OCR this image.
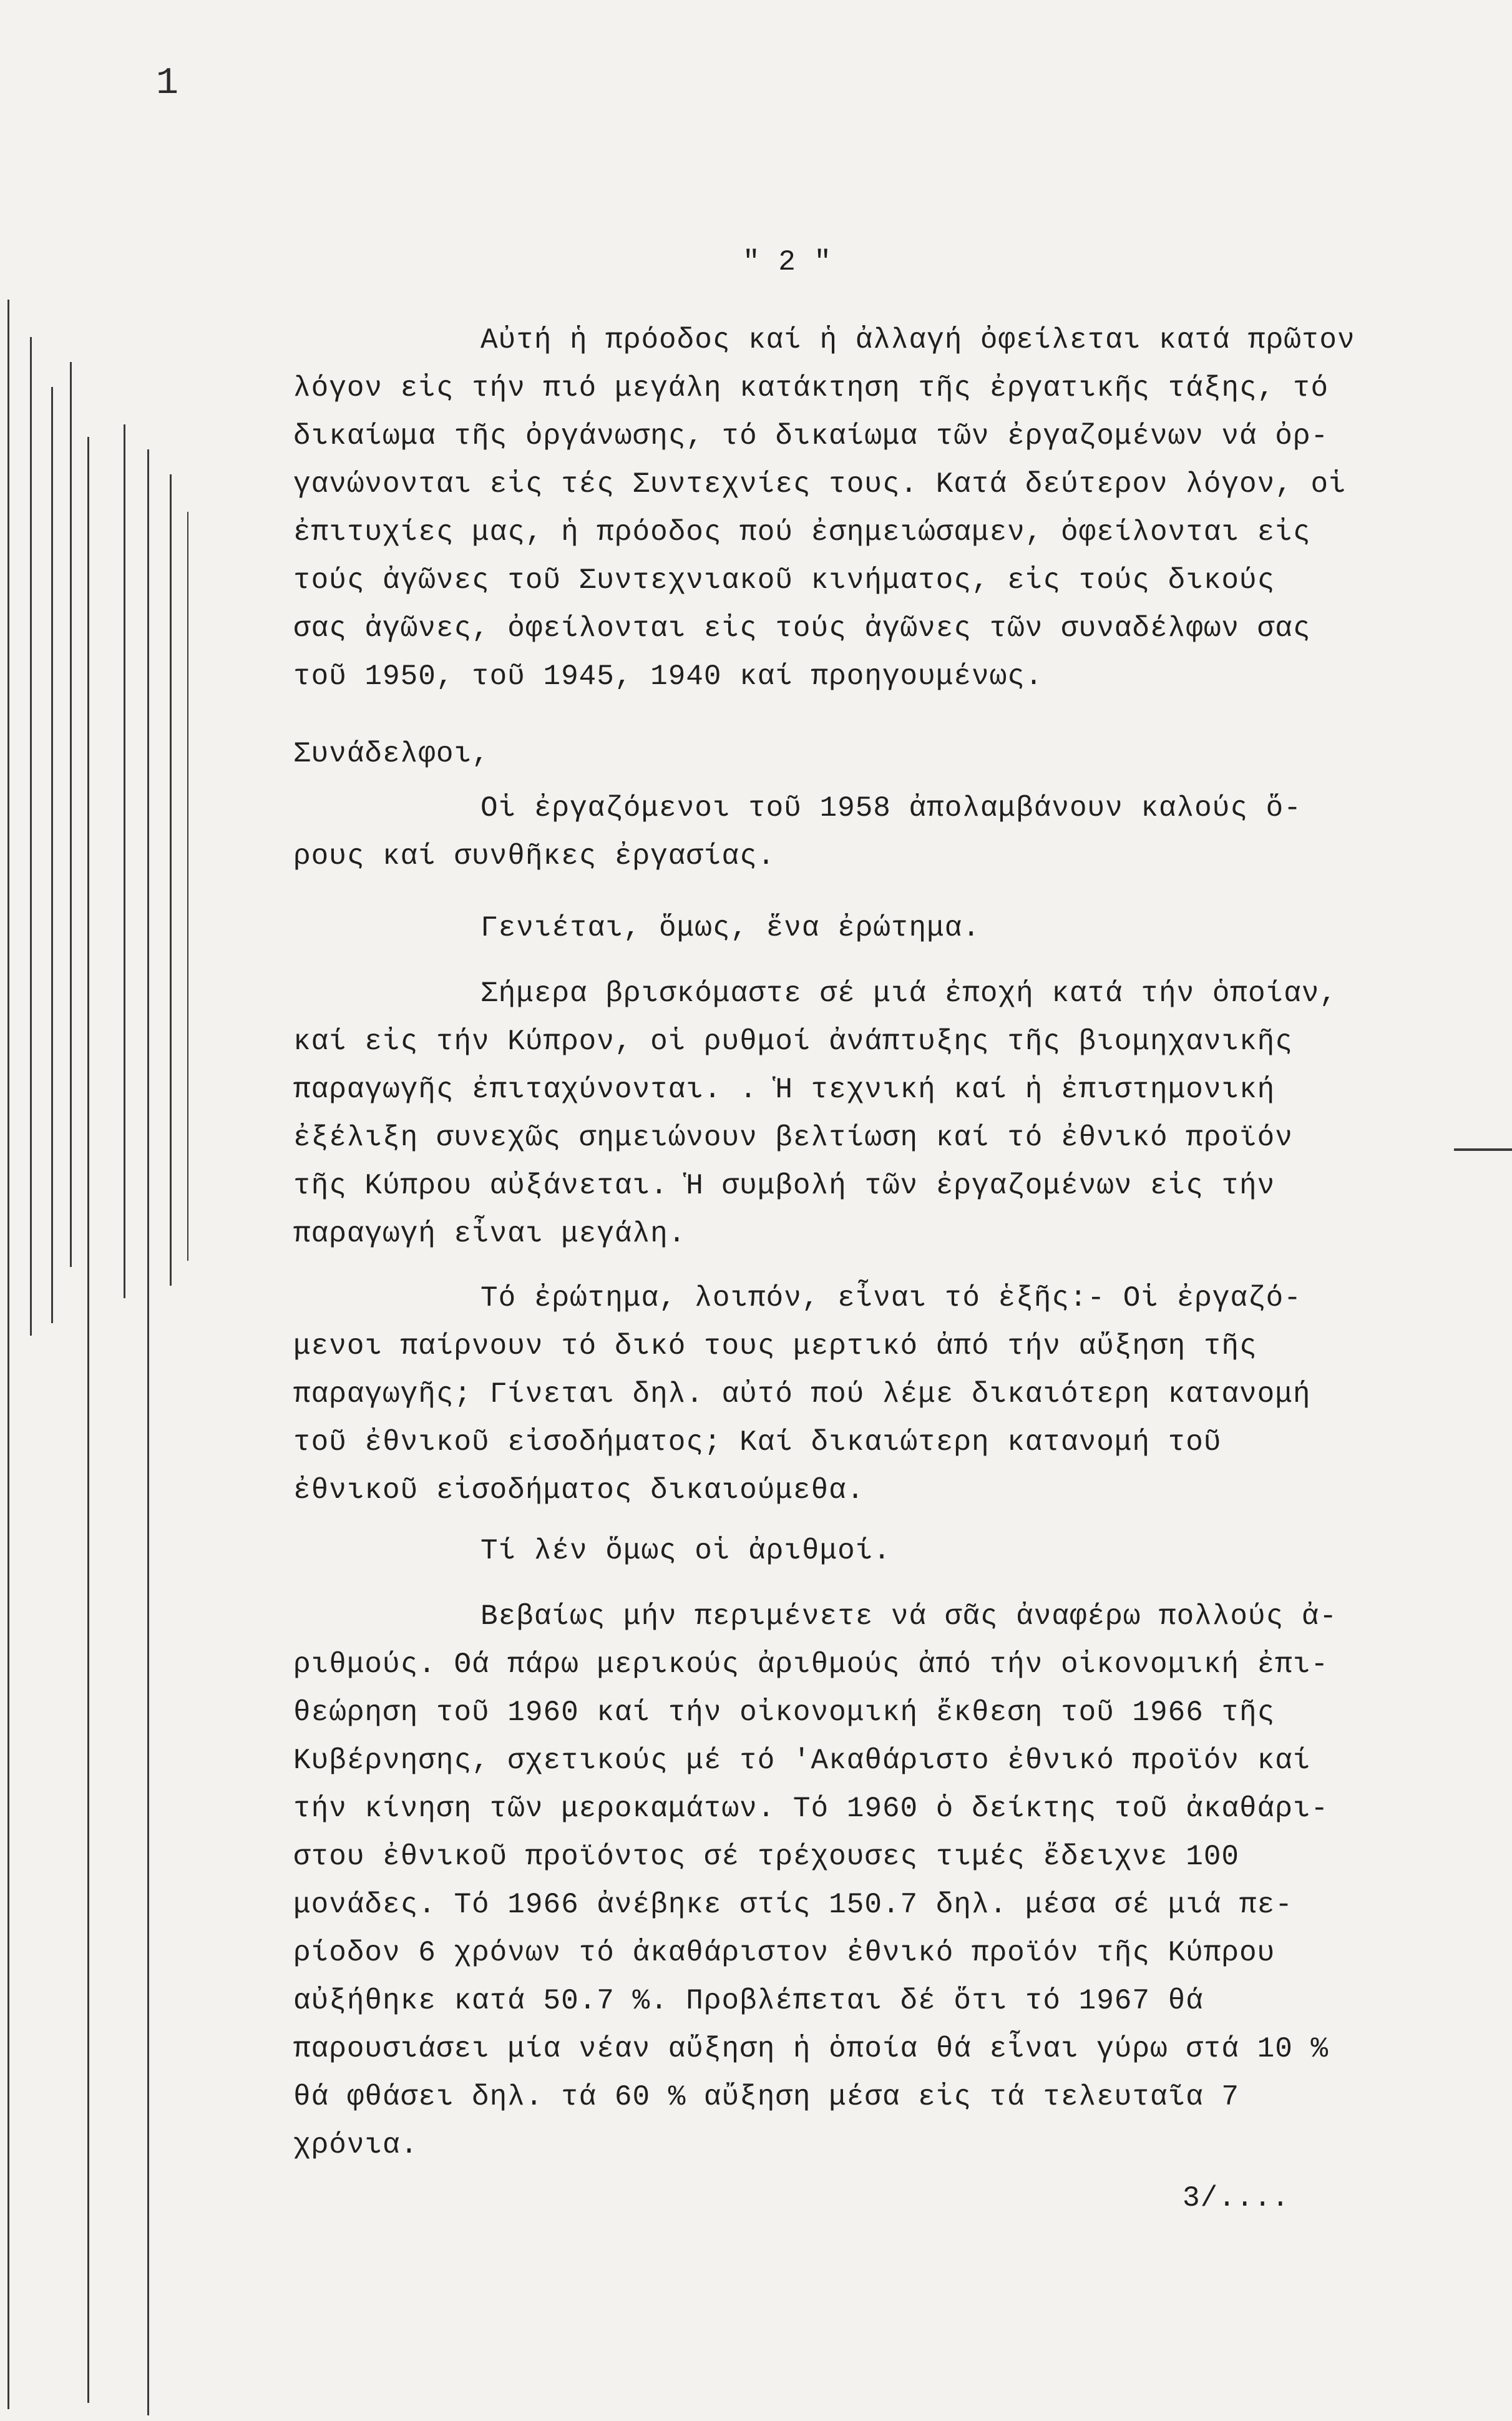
1
" 2 "
Αὐτή ἡ πρόοδος καί ἡ ἀλλαγή ὀφείλεται κατά πρῶτον
λόγον εἰς τήν πιό μεγάλη κατάκτηση τῆς ἐργατικῆς τάξης, τό
δικαίωμα τῆς ὀργάνωσης, τό δικαίωμα τῶν ἐργαζομένων νά ὀρ-
γανώνονται εἰς τές Συντεχνίες τους. Κατά δεύτερον λόγον, οἱ
ἐπιτυχίες μας, ἡ πρόοδος πού ἐσημειώσαμεν, ὀφείλονται εἰς
τούς ἀγῶνες τοῦ Συντεχνιακοῦ κινήματος, εἰς τούς δικούς
σας ἀγῶνες, ὀφείλονται εἰς τούς ἀγῶνες τῶν συναδέλφων σας
τοῦ 1950, τοῦ 1945, 1940 καί προηγουμένως.
Συνάδελφοι,
Οἱ ἐργαζόμενοι τοῦ 1958 ἀπολαμβάνουν καλούς ὅ-
ρους καί συνθῆκες ἐργασίας.
Γενιέται, ὅμως, ἕνα ἐρώτημα.
Σήμερα βρισκόμαστε σέ μιά ἐποχή κατά τήν ὁποίαν,
καί εἰς τήν Κύπρον, οἱ ρυθμοί ἀνάπτυξης τῆς βιομηχανικῆς
παραγωγῆς ἐπιταχύνονται. . Ἡ τεχνική καί ἡ ἐπιστημονική
ἐξέλιξη συνεχῶς σημειώνουν βελτίωση καί τό ἐθνικό προϊόν
τῆς Κύπρου αὐξάνεται. Ἡ συμβολή τῶν ἐργαζομένων εἰς τήν
παραγωγή εἶναι μεγάλη.
Τό ἐρώτημα, λοιπόν, εἶναι τό ἑξῆς:- Οἱ ἐργαζό-
μενοι παίρνουν τό δικό τους μερτικό ἀπό τήν αὔξηση τῆς
παραγωγῆς; Γίνεται δηλ. αὐτό πού λέμε δικαιότερη κατανομή
τοῦ ἐθνικοῦ εἰσοδήματος; Καί δικαιώτερη κατανομή τοῦ
ἐθνικοῦ εἰσοδήματος δικαιούμεθα.
Τί λέν ὅμως οἱ ἀριθμοί.
Βεβαίως μήν περιμένετε νά σᾶς ἀναφέρω πολλούς ἀ-
ριθμούς. Θά πάρω μερικούς ἀριθμούς ἀπό τήν οἰκονομική ἐπι-
θεώρηση τοῦ 1960 καί τήν οἰκονομική ἔκθεση τοῦ 1966 τῆς
Κυβέρνησης, σχετικούς μέ τό 'Ακαθάριστο ἐθνικό προϊόν καί
τήν κίνηση τῶν μεροκαμάτων. Τό 1960 ὁ δείκτης τοῦ ἀκαθάρι-
στου ἐθνικοῦ προϊόντος σέ τρέχουσες τιμές ἔδειχνε 100
μονάδες. Τό 1966 ἀνέβηκε στίς 150.7 δηλ. μέσα σέ μιά πε-
ρίοδον 6 χρόνων τό ἀκαθάριστον ἐθνικό προϊόν τῆς Κύπρου
αὐξήθηκε κατά 50.7 %. Προβλέπεται δέ ὅτι τό 1967 θά
παρουσιάσει μία νέαν αὔξηση ἡ ὁποία θά εἶναι γύρω στά 10 %
θά φθάσει δηλ. τά 60 % αὔξηση μέσα εἰς τά τελευταῖα 7
χρόνια.
3/....
